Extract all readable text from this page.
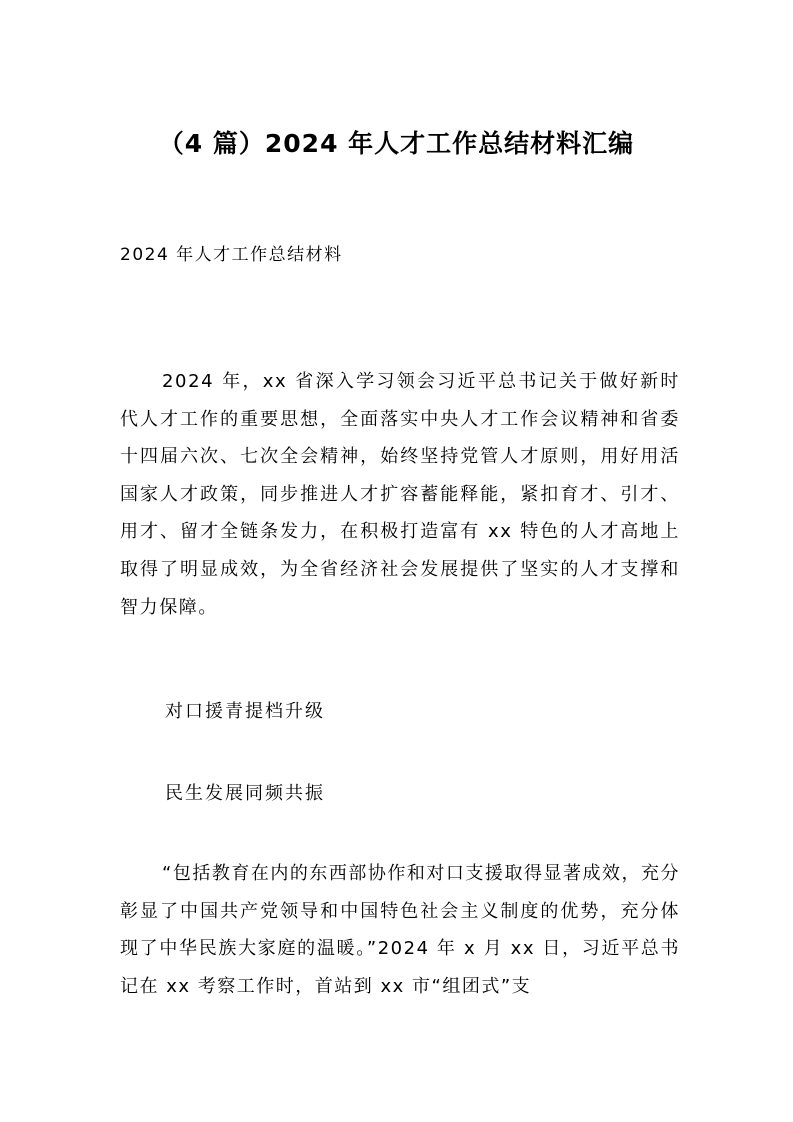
（4 篇）2024 年人才工作总结材料汇编

2024 年人才工作总结材料

2024 年，xx 省深入学习领会习近平总书记关于做好新时代人才工作的重要思想，全面落实中央人才工作会议精神和省委十四届六次、七次全会精神，始终坚持党管人才原则，用好用活国家人才政策，同步推进人才扩容蓄能释能，紧扣育才、引才、用才、留才全链条发力，在积极打造富有 xx 特色的人才高地上取得了明显成效，为全省经济社会发展提供了坚实的人才支撑和智力保障。

对口援青提档升级

民生发展同频共振

“包括教育在内的东西部协作和对口支援取得显著成效，充分彰显了中国共产党领导和中国特色社会主义制度的优势，充分体现了中华民族大家庭的温暖。”2024 年 x 月 xx 日，习近平总书记在 xx 考察工作时，首站到 xx 市“组团式”支
